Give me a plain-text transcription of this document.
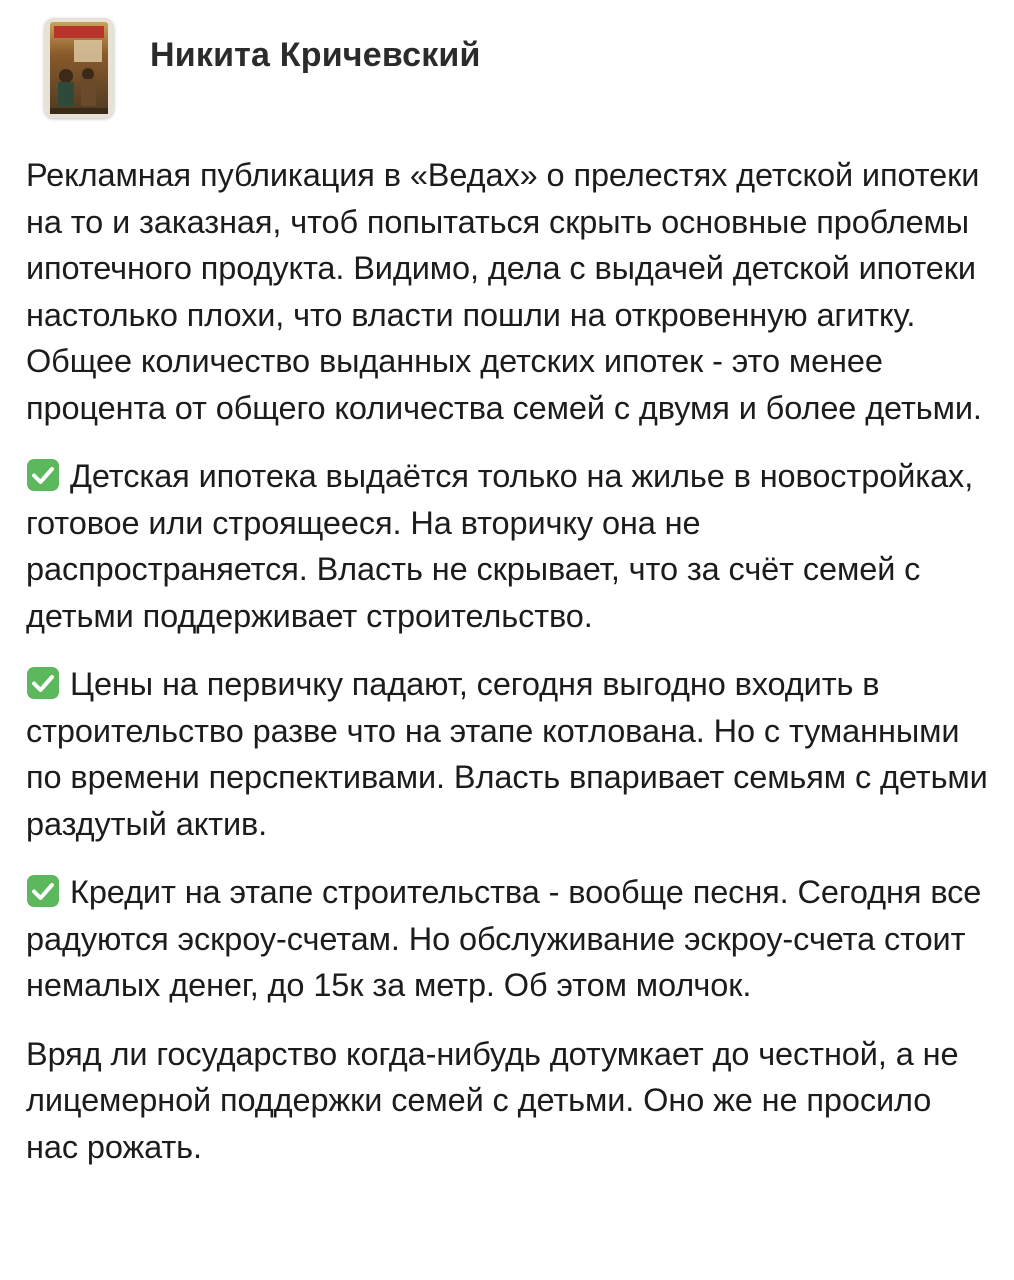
Никита Кричевский

Рекламная публикация в «Ведах» о прелестях детской ипотеки на то и заказная, чтоб попытаться скрыть основные проблемы ипотечного продукта. Видимо, дела с выдачей детской ипотеки настолько плохи, что власти пошли на откровенную агитку. Общее количество выданных детских ипотек - это менее процента от общего количества семей с двумя и более детьми.

Детская ипотека выдаётся только на жилье в новостройках, готовое или строящееся. На вторичку она не распространяется. Власть не скрывает, что за счёт семей с детьми поддерживает строительство.

Цены на первичку падают, сегодня выгодно входить в строительство разве что на этапе котлована. Но с туманными по времени перспективами. Власть впаривает семьям с детьми раздутый актив.

Кредит на этапе строительства - вообще песня. Сегодня все радуются эскроу-счетам. Но обслуживание эскроу-счета стоит немалых денег, до 15к за метр. Об этом молчок.

Вряд ли государство когда-нибудь дотумкает до честной, а не лицемерной поддержки семей с детьми. Оно же не просило нас рожать.
